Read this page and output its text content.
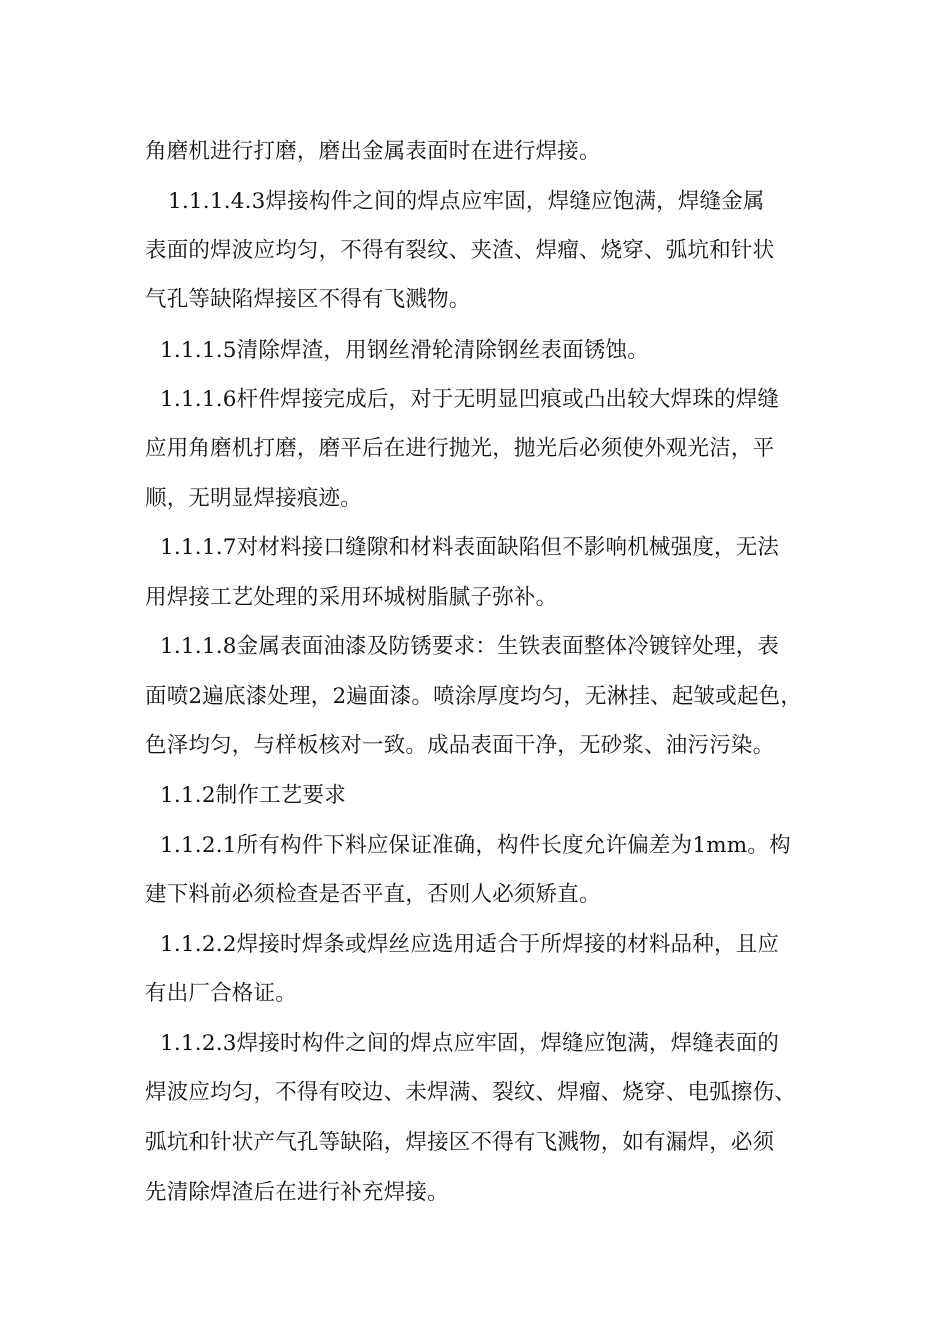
角磨机进行打磨，磨出金属表面时在进行焊接。
1.1.1.4.3焊接构件之间的焊点应牢固，焊缝应饱满，焊缝金属
表面的焊波应均匀，不得有裂纹、夹渣、焊瘤、烧穿、弧坑和针状
气孔等缺陷焊接区不得有飞溅物。
1.1.1.5清除焊渣，用钢丝滑轮清除钢丝表面锈蚀。
1.1.1.6杆件焊接完成后，对于无明显凹痕或凸出较大焊珠的焊缝
应用角磨机打磨，磨平后在进行抛光，抛光后必须使外观光洁，平
顺，无明显焊接痕迹。
1.1.1.7对材料接口缝隙和材料表面缺陷但不影响机械强度，无法
用焊接工艺处理的采用环城树脂腻子弥补。
1.1.1.8金属表面油漆及防锈要求：生铁表面整体冷镀锌处理，表
面喷2遍底漆处理，2遍面漆。喷涂厚度均匀，无淋挂、起皱或起色，
色泽均匀，与样板核对一致。成品表面干净，无砂浆、油污污染。
1.1.2制作工艺要求
1.1.2.1所有构件下料应保证准确，构件长度允许偏差为1mm。构
建下料前必须检查是否平直，否则人必须矫直。
1.1.2.2焊接时焊条或焊丝应选用适合于所焊接的材料品种，且应
有出厂合格证。
1.1.2.3焊接时构件之间的焊点应牢固，焊缝应饱满，焊缝表面的
焊波应均匀，不得有咬边、未焊满、裂纹、焊瘤、烧穿、电弧擦伤、
弧坑和针状产气孔等缺陷，焊接区不得有飞溅物，如有漏焊，必须
先清除焊渣后在进行补充焊接。
